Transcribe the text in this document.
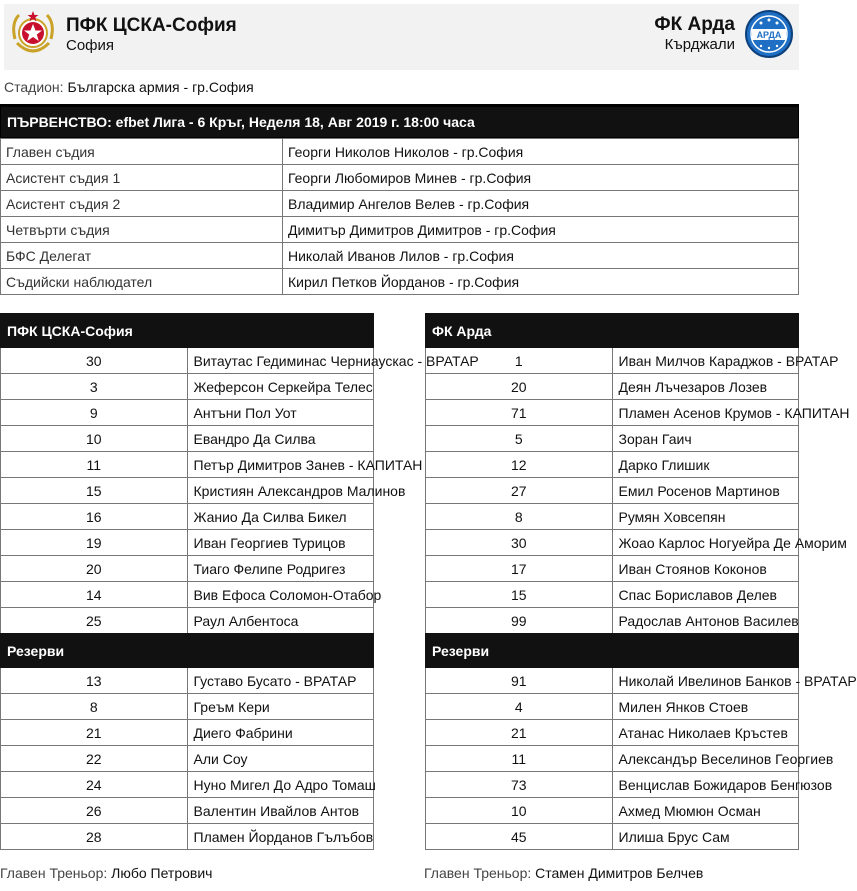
ПФК ЦСКА-София
София
ФК Арда
Кърджали
АРДА
Стадион: Българска армия - гр.София
ПЪРВЕНСТВО: efbet Лига - 6 Кръг, Неделя 18, Авг 2019 г. 18:00 часа
Главен съдия	Георги Николов Николов - гр.София
Асистент съдия 1	Георги Любомиров Минев - гр.София
Асистент съдия 2	Владимир Ангелов Велев - гр.София
Четвърти съдия	Димитър Димитров Димитров - гр.София
БФС Делегат	Николай Иванов Лилов - гр.София
Съдийски наблюдател	Кирил Петков Йорданов - гр.София
ПФК ЦСКА-София	
30	Витаутас Гедиминас Черниаускас - ВРАТАР
3	Жеферсон Серкейра Телес
9	Антъни Пол Уот
10	Евандро Да Силва
11	Петър Димитров Занев - КАПИТАН
15	Кристиян Александров Малинов
16	Жанио Да Силва Бикел
19	Иван Георгиев Турицов
20	Тиаго Фелипе Родригез
14	Вив Ефоса Соломон-Отабор
25	Раул Албентоса
ФК Арда	
1	Иван Милчов Караджов - ВРАТАР
20	Деян Лъчезаров Лозев
71	Пламен Асенов Крумов - КАПИТАН
5	Зоран Гаич
12	Дарко Глишик
27	Емил Росенов Мартинов
8	Румян Ховсепян
30	Жоао Карлос Ногуейра Де Аморим
17	Иван Стоянов Коконов
15	Спас Бориславов Делев
99	Радослав Антонов Василев
Резерви	
13	Густаво Бусато - ВРАТАР
8	Греъм Кери
21	Диего Фабрини
22	Али Соу
24	Нуно Мигел До Адро Томаш
26	Валентин Ивайлов Антов
28	Пламен Йорданов Гълъбов
Резерви	
91	Николай Ивелинов Банков - ВРАТАР
4	Милен Янков Стоев
21	Атанас Николаев Кръстев
11	Александър Веселинов Георгиев
73	Венцислав Божидаров Бенгюзов
10	Ахмед Мюмюн Осман
45	Илиша Брус Сам
Главен Треньор: Любо Петрович	Главен Треньор: Стамен Димитров Белчев
